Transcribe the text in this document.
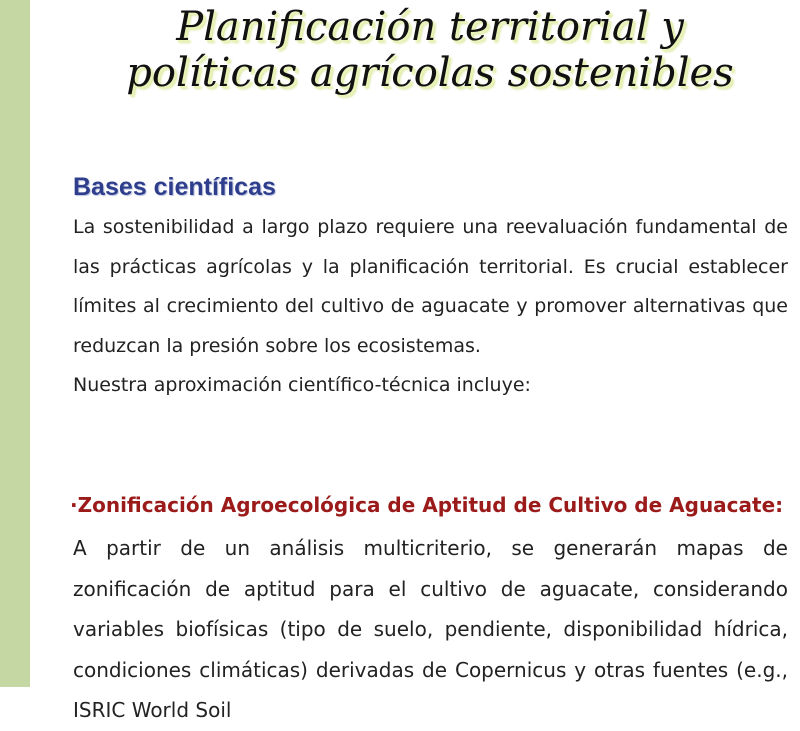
Planificación territorial y
políticas agrícolas sostenibles
Bases científicas

La sostenibilidad a largo plazo requiere una reevaluación fundamental de las prácticas agrícolas y la planificación territorial. Es crucial establecer límites al crecimiento del cultivo de aguacate y promover alternativas que reduzcan la presión sobre los ecosistemas.

Nuestra aproximación científico-técnica incluye:

·Zonificación Agroecológica de Aptitud de Cultivo de Aguacate:

A partir de un análisis multicriterio, se generarán mapas de zonificación de aptitud para el cultivo de aguacate, considerando variables biofísicas (tipo de suelo, pendiente, disponibilidad hídrica, condiciones climáticas) derivadas de Copernicus y otras fuentes (e.g., ISRIC World Soil
